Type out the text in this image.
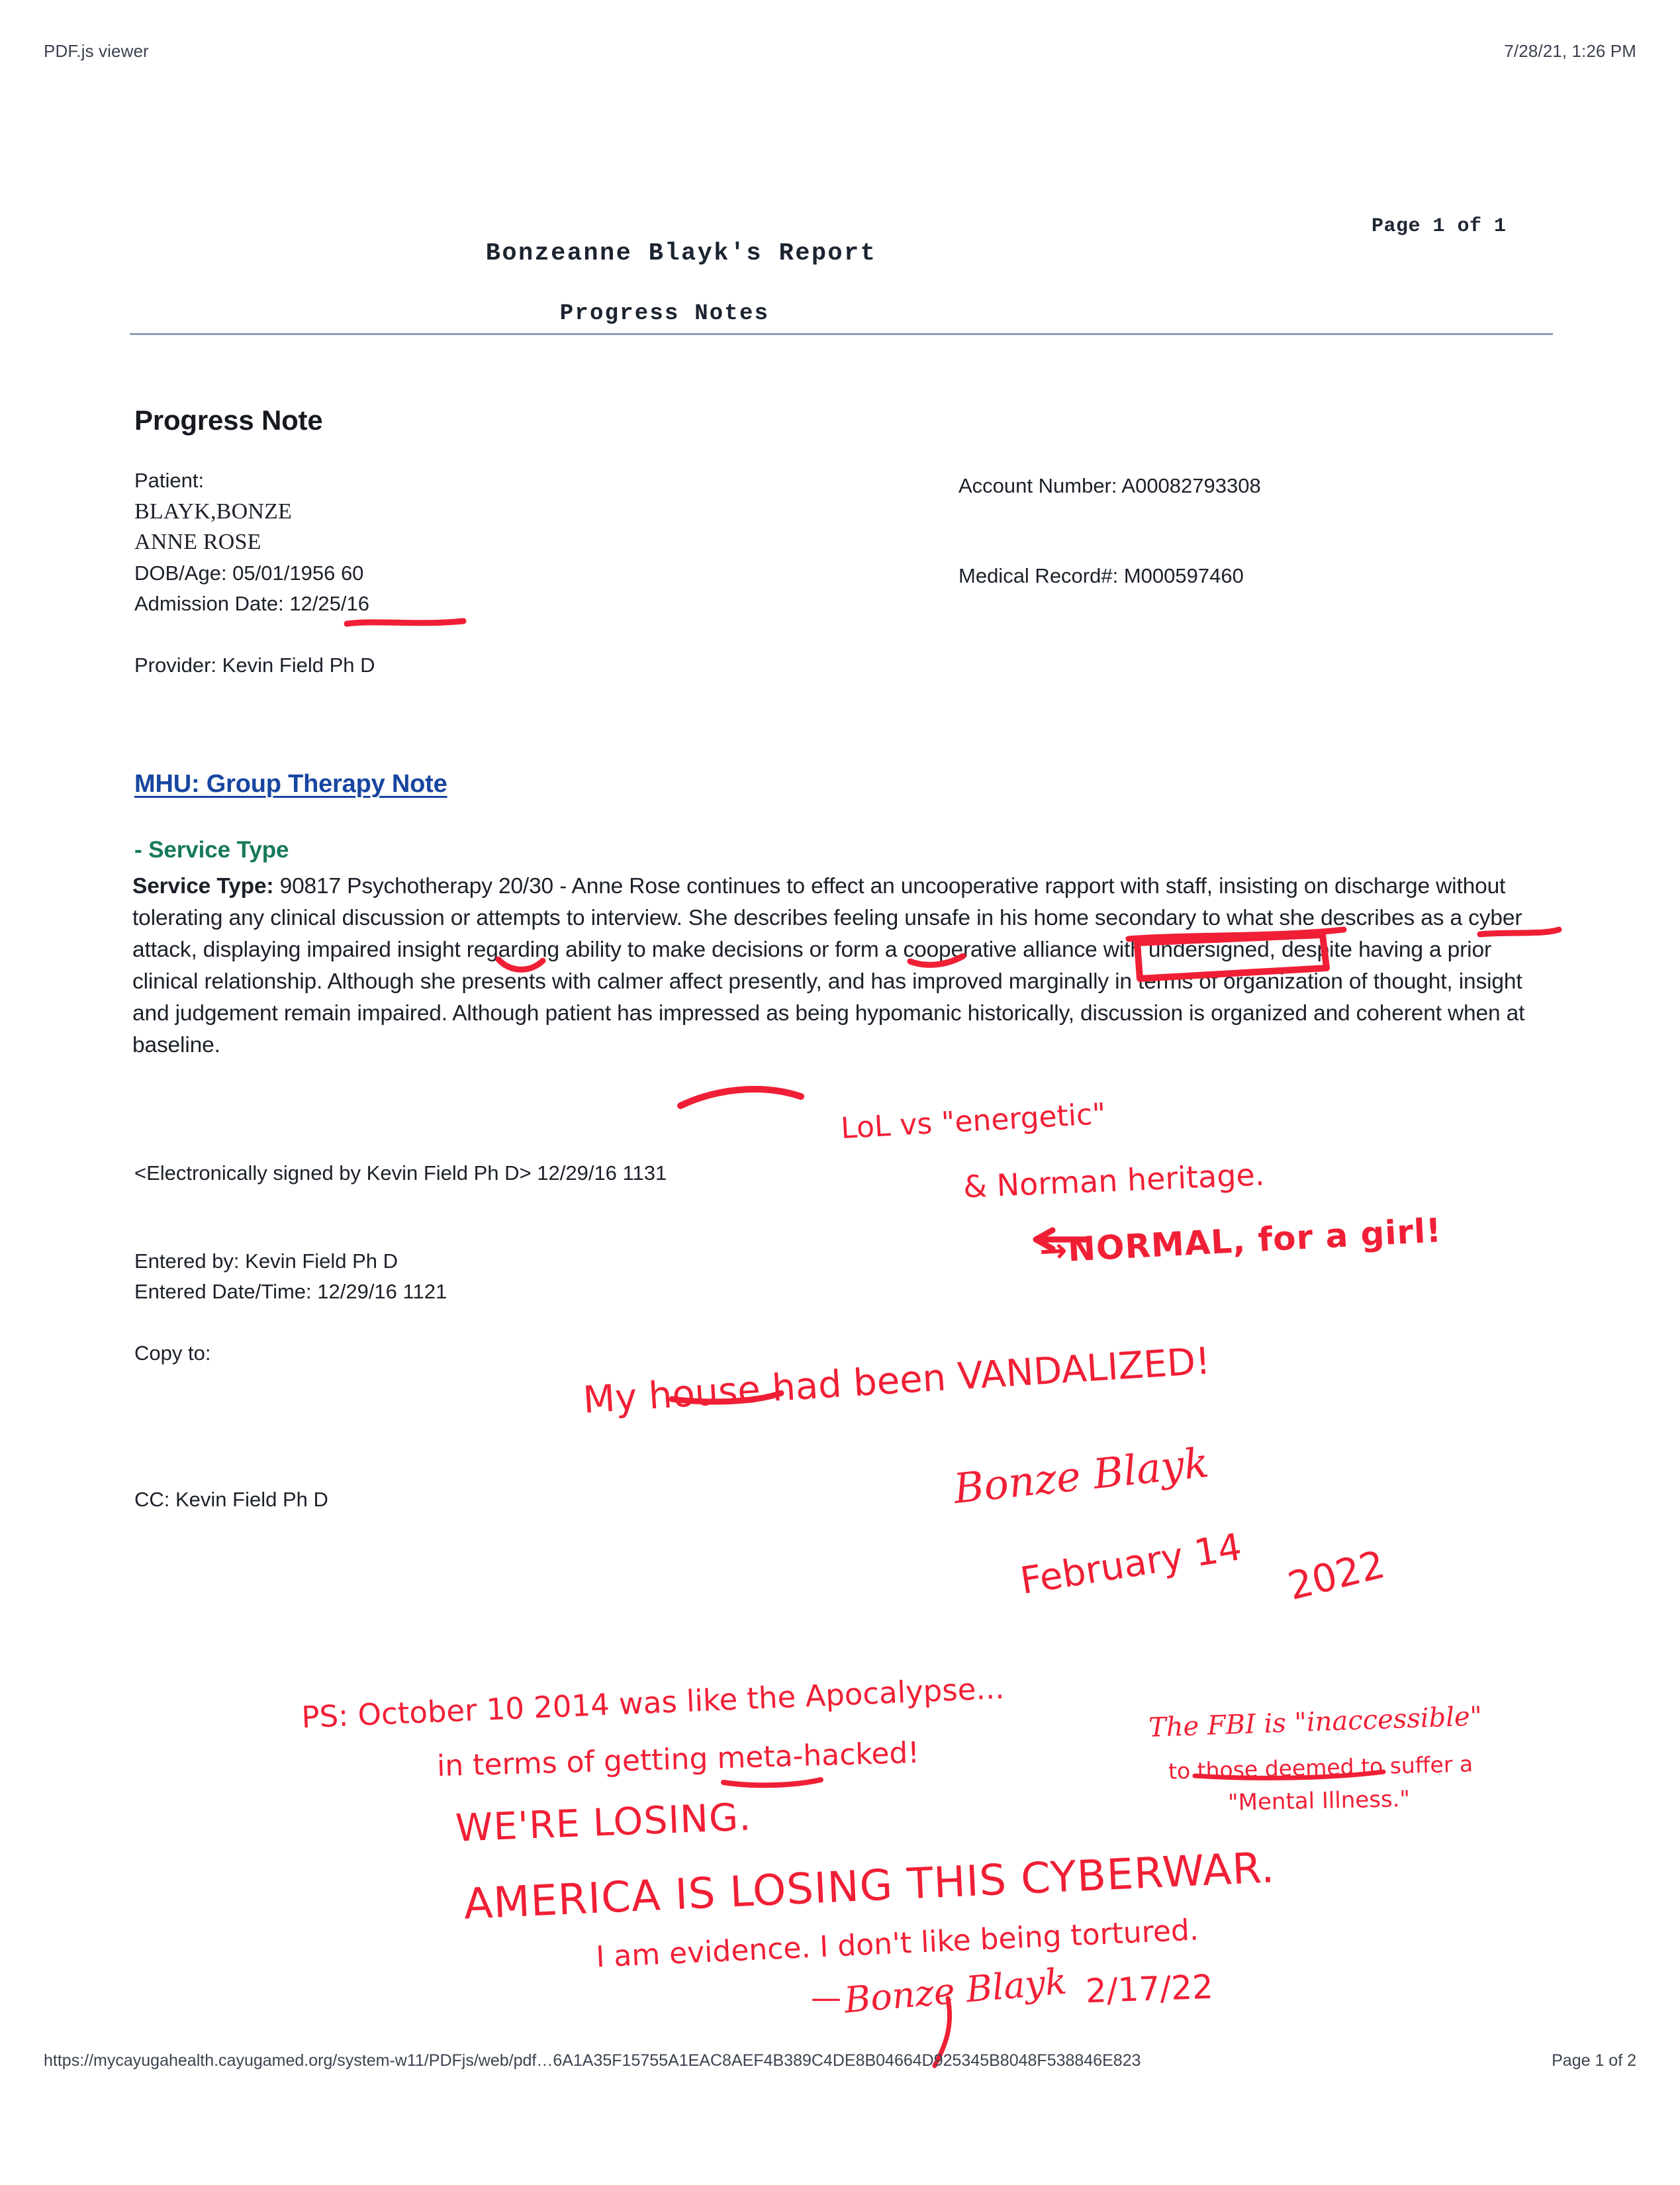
PDF.js viewer	7/28/21, 1:26 PM
Page 1 of 1
Bonzeanne Blayk's Report
Progress Notes
Progress Note
Patient:
BLAYK,BONZE
ANNE ROSE
DOB/Age: 05/01/1956 60
Admission Date: 12/25/16
Provider: Kevin Field Ph D
Account Number: A00082793308
Medical Record#: M000597460
MHU: Group Therapy Note
- Service Type
Service Type: 90817 Psychotherapy 20/30 - Anne Rose continues to effect an uncooperative rapport with staff, insisting on discharge without tolerating any clinical discussion or attempts to interview. She describes feeling unsafe in his home secondary to what she describes as a cyber attack, displaying impaired insight regarding ability to make decisions or form a cooperative alliance with undersigned, despite having a prior clinical relationship. Although she presents with calmer affect presently, and has improved marginally in terms of organization of thought, insight and judgement remain impaired. Although patient has impressed as being hypomanic historically, discussion is organized and coherent when at baseline.
<Electronically signed by Kevin Field Ph D> 12/29/16 1131
Entered by: Kevin Field Ph D
Entered Date/Time: 12/29/16 1121
Copy to:
CC: Kevin Field Ph D
LoL vs "energetic"
& Norman heritage.
→NORMAL, for a girl!
My house had been VANDALIZED!
Bonze Blayk
February 14 2022
PS: October 10 2014 was like the Apocalypse...
in terms of getting meta-hacked!
The FBI is "inaccessible"
to those deemed to suffer a
"Mental Illness."
WE'RE LOSING.
AMERICA IS LOSING THIS CYBERWAR.
I am evidence. I don't like being tortured.
— Bonze Blayk 2/17/22
https://mycayugahealth.cayugamed.org/system-w11/PDFjs/web/pdf…6A1A35F15755A1EAC8AEF4B389C4DE8B04664D925345B8048F538846E823	Page 1 of 2
